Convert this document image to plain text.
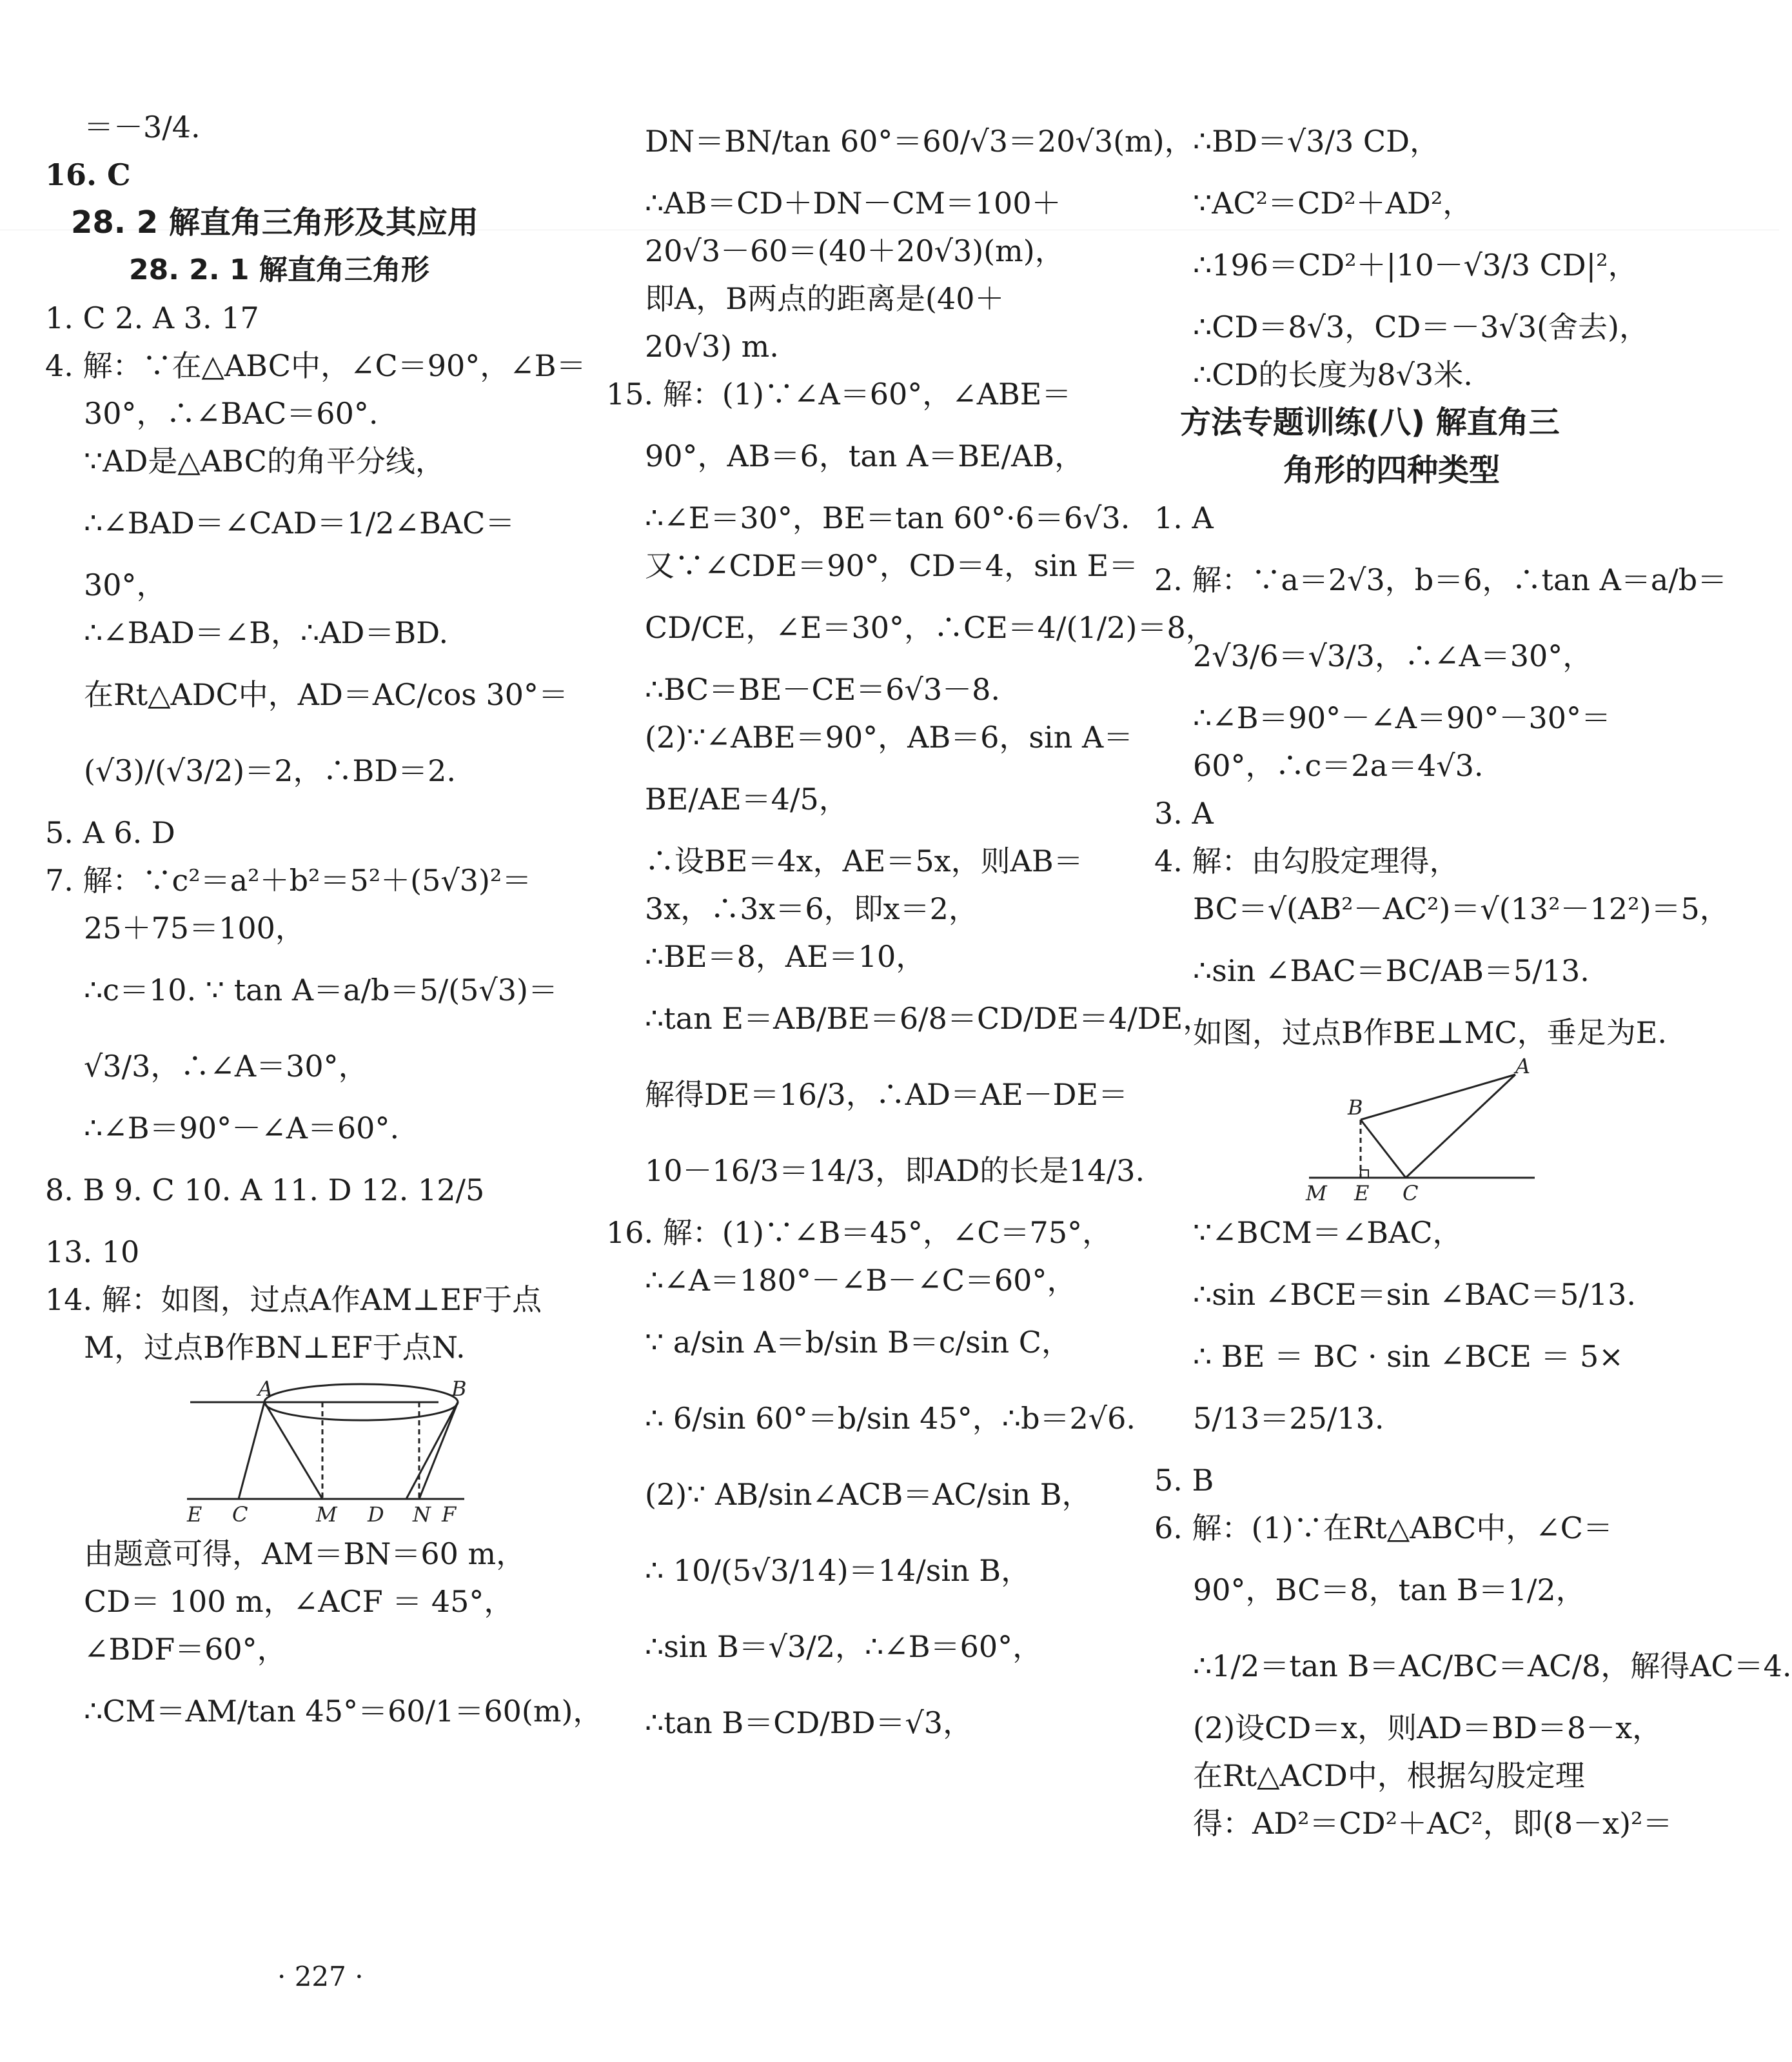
＝－3/4.
16. C
28. 2 解直角三角形及其应用
28. 2. 1 解直角三角形
1. C 2. A 3. 17
4. 解：∵在△ABC中，∠C＝90°，∠B＝
30°，∴∠BAC＝60°.
∵AD是△ABC的角平分线，
∴∠BAD＝∠CAD＝1/2∠BAC＝
30°，
∴∠BAD＝∠B，∴AD＝BD.
在Rt△ADC中，AD＝AC/cos 30°＝
(√3)/(√3/2)＝2，∴BD＝2.
5. A 6. D
7. 解：∵c²＝a²＋b²＝5²＋(5√3)²＝
25＋75＝100，
∴c＝10. ∵ tan A＝a/b＝5/(5√3)＝
√3/3，∴∠A＝30°，
∴∠B＝90°－∠A＝60°.
8. B 9. C 10. A 11. D 12. 12/5
13. 10
14. 解：如图，过点A作AM⊥EF于点
M，过点B作BN⊥EF于点N.
A	B
E C	M D N F
由题意可得，AM＝BN＝60 m，
CD＝ 100 m，∠ACF ＝ 45°，
∠BDF＝60°，
∴CM＝AM/tan 45°＝60/1＝60(m)，
DN＝BN/tan 60°＝60/√3＝20√3(m)，
∴AB＝CD＋DN－CM＝100＋
20√3－60＝(40＋20√3)(m)，
即A，B两点的距离是(40＋
20√3) m.
15. 解：(1)∵∠A＝60°，∠ABE＝
90°，AB＝6，tan A＝BE/AB，
∴∠E＝30°，BE＝tan 60°·6＝6√3.
又∵∠CDE＝90°，CD＝4，sin E＝
CD/CE，∠E＝30°，∴CE＝4/(1/2)＝8，
∴BC＝BE－CE＝6√3－8.
(2)∵∠ABE＝90°，AB＝6，sin A＝
BE/AE＝4/5，
∴设BE＝4x，AE＝5x，则AB＝
3x，∴3x＝6，即x＝2，
∴BE＝8，AE＝10，
∴tan E＝AB/BE＝6/8＝CD/DE＝4/DE，
解得DE＝16/3，∴AD＝AE－DE＝
10－16/3＝14/3，即AD的长是14/3.
16. 解：(1)∵∠B＝45°，∠C＝75°，
∴∠A＝180°－∠B－∠C＝60°，
∵ a/sin A＝b/sin B＝c/sin C，
∴ 6/sin 60°＝b/sin 45°，∴b＝2√6.
(2)∵ AB/sin∠ACB＝AC/sin B，
∴ 10/(5√3/14)＝14/sin B，
∴sin B＝√3/2，∴∠B＝60°，
∴tan B＝CD/BD＝√3，
∴BD＝√3/3 CD，
∵AC²＝CD²＋AD²，
∴196＝CD²＋|10－√3/3 CD|²，
∴CD＝8√3，CD＝－3√3(舍去)，
∴CD的长度为8√3米.
方法专题训练(八) 解直角三
角形的四种类型
1. A
2. 解：∵a＝2√3，b＝6，∴tan A＝a/b＝
2√3/6＝√3/3，∴∠A＝30°，
∴∠B＝90°－∠A＝90°－30°＝
60°，∴c＝2a＝4√3.
3. A
4. 解：由勾股定理得，
BC＝√(AB²－AC²)＝√(13²－12²)＝5，
∴sin ∠BAC＝BC/AB＝5/13.
如图，过点B作BE⊥MC，垂足为E.
A
B
M E C
∵∠BCM＝∠BAC，
∴sin ∠BCE＝sin ∠BAC＝5/13.
∴ BE ＝ BC · sin ∠BCE ＝ 5×
5/13＝25/13.
5. B
6. 解：(1)∵在Rt△ABC中，∠C＝
90°，BC＝8，tan B＝1/2，
∴1/2＝tan B＝AC/BC＝AC/8，解得AC＝4.
(2)设CD＝x，则AD＝BD＝8－x，
在Rt△ACD中，根据勾股定理
得：AD²＝CD²＋AC²，即(8－x)²＝
· 227 ·
